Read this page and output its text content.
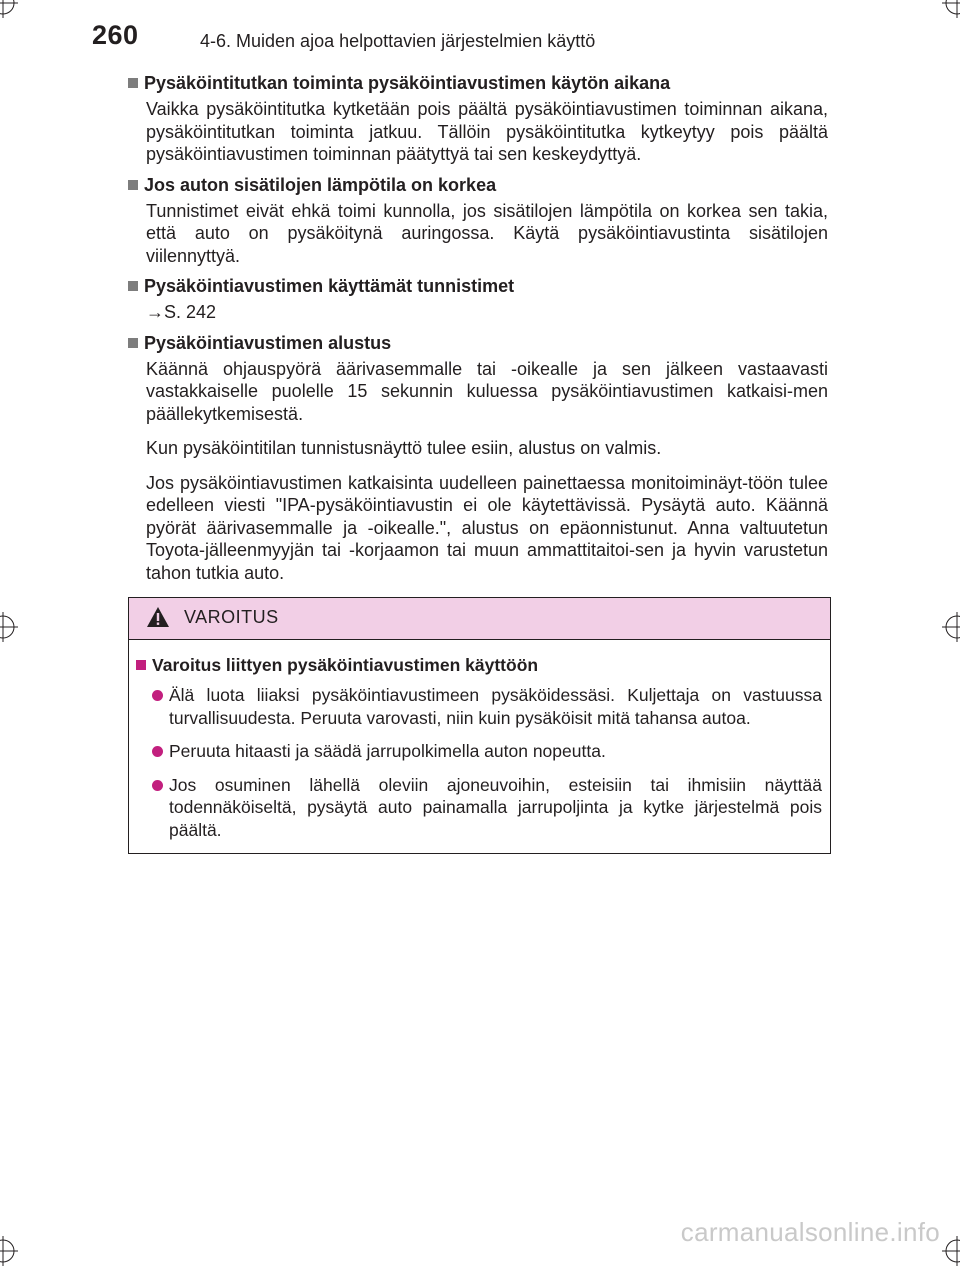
260	4-6. Muiden ajoa helpottavien järjestelmien käyttö
Pysäköintitutkan toiminta pysäköintiavustimen käytön aikana
Vaikka pysäköintitutka kytketään pois päältä pysäköintiavustimen toiminnan aikana, pysäköintitutkan toiminta jatkuu. Tällöin pysäköintitutka kytkeytyy pois päältä pysäköintiavustimen toiminnan päätyttyä tai sen keskeydyttyä.
Jos auton sisätilojen lämpötila on korkea
Tunnistimet eivät ehkä toimi kunnolla, jos sisätilojen lämpötila on korkea sen takia, että auto on pysäköitynä auringossa. Käytä pysäköintiavustinta sisätilojen viilennyttyä.
Pysäköintiavustimen käyttämät tunnistimet
→S. 242
Pysäköintiavustimen alustus
Käännä ohjauspyörä äärivasemmalle tai -oikealle ja sen jälkeen vastaavasti vastakkaiselle puolelle 15 sekunnin kuluessa pysäköintiavustimen katkaisi-men päällekytkemisestä.
Kun pysäköintitilan tunnistusnäyttö tulee esiin, alustus on valmis.
Jos pysäköintiavustimen katkaisinta uudelleen painettaessa monitoiminäyt-töön tulee edelleen viesti "IPA-pysäköintiavustin ei ole käytettävissä. Pysäytä auto. Käännä pyörät äärivasemmalle ja -oikealle.", alustus on epäonnistunut. Anna valtuutetun Toyota-jälleenmyyjän tai -korjaamon tai muun ammattitaitoi-sen ja hyvin varustetun tahon tutkia auto.
VAROITUS
Varoitus liittyen pysäköintiavustimen käyttöön
Älä luota liiaksi pysäköintiavustimeen pysäköidessäsi. Kuljettaja on vastuussa turvallisuudesta. Peruuta varovasti, niin kuin pysäköisit mitä tahansa autoa.
Peruuta hitaasti ja säädä jarrupolkimella auton nopeutta.
Jos osuminen lähellä oleviin ajoneuvoihin, esteisiin tai ihmisiin näyttää todennäköiseltä, pysäytä auto painamalla jarrupoljinta ja kytke järjestelmä pois päältä.
carmanualsonline.info
